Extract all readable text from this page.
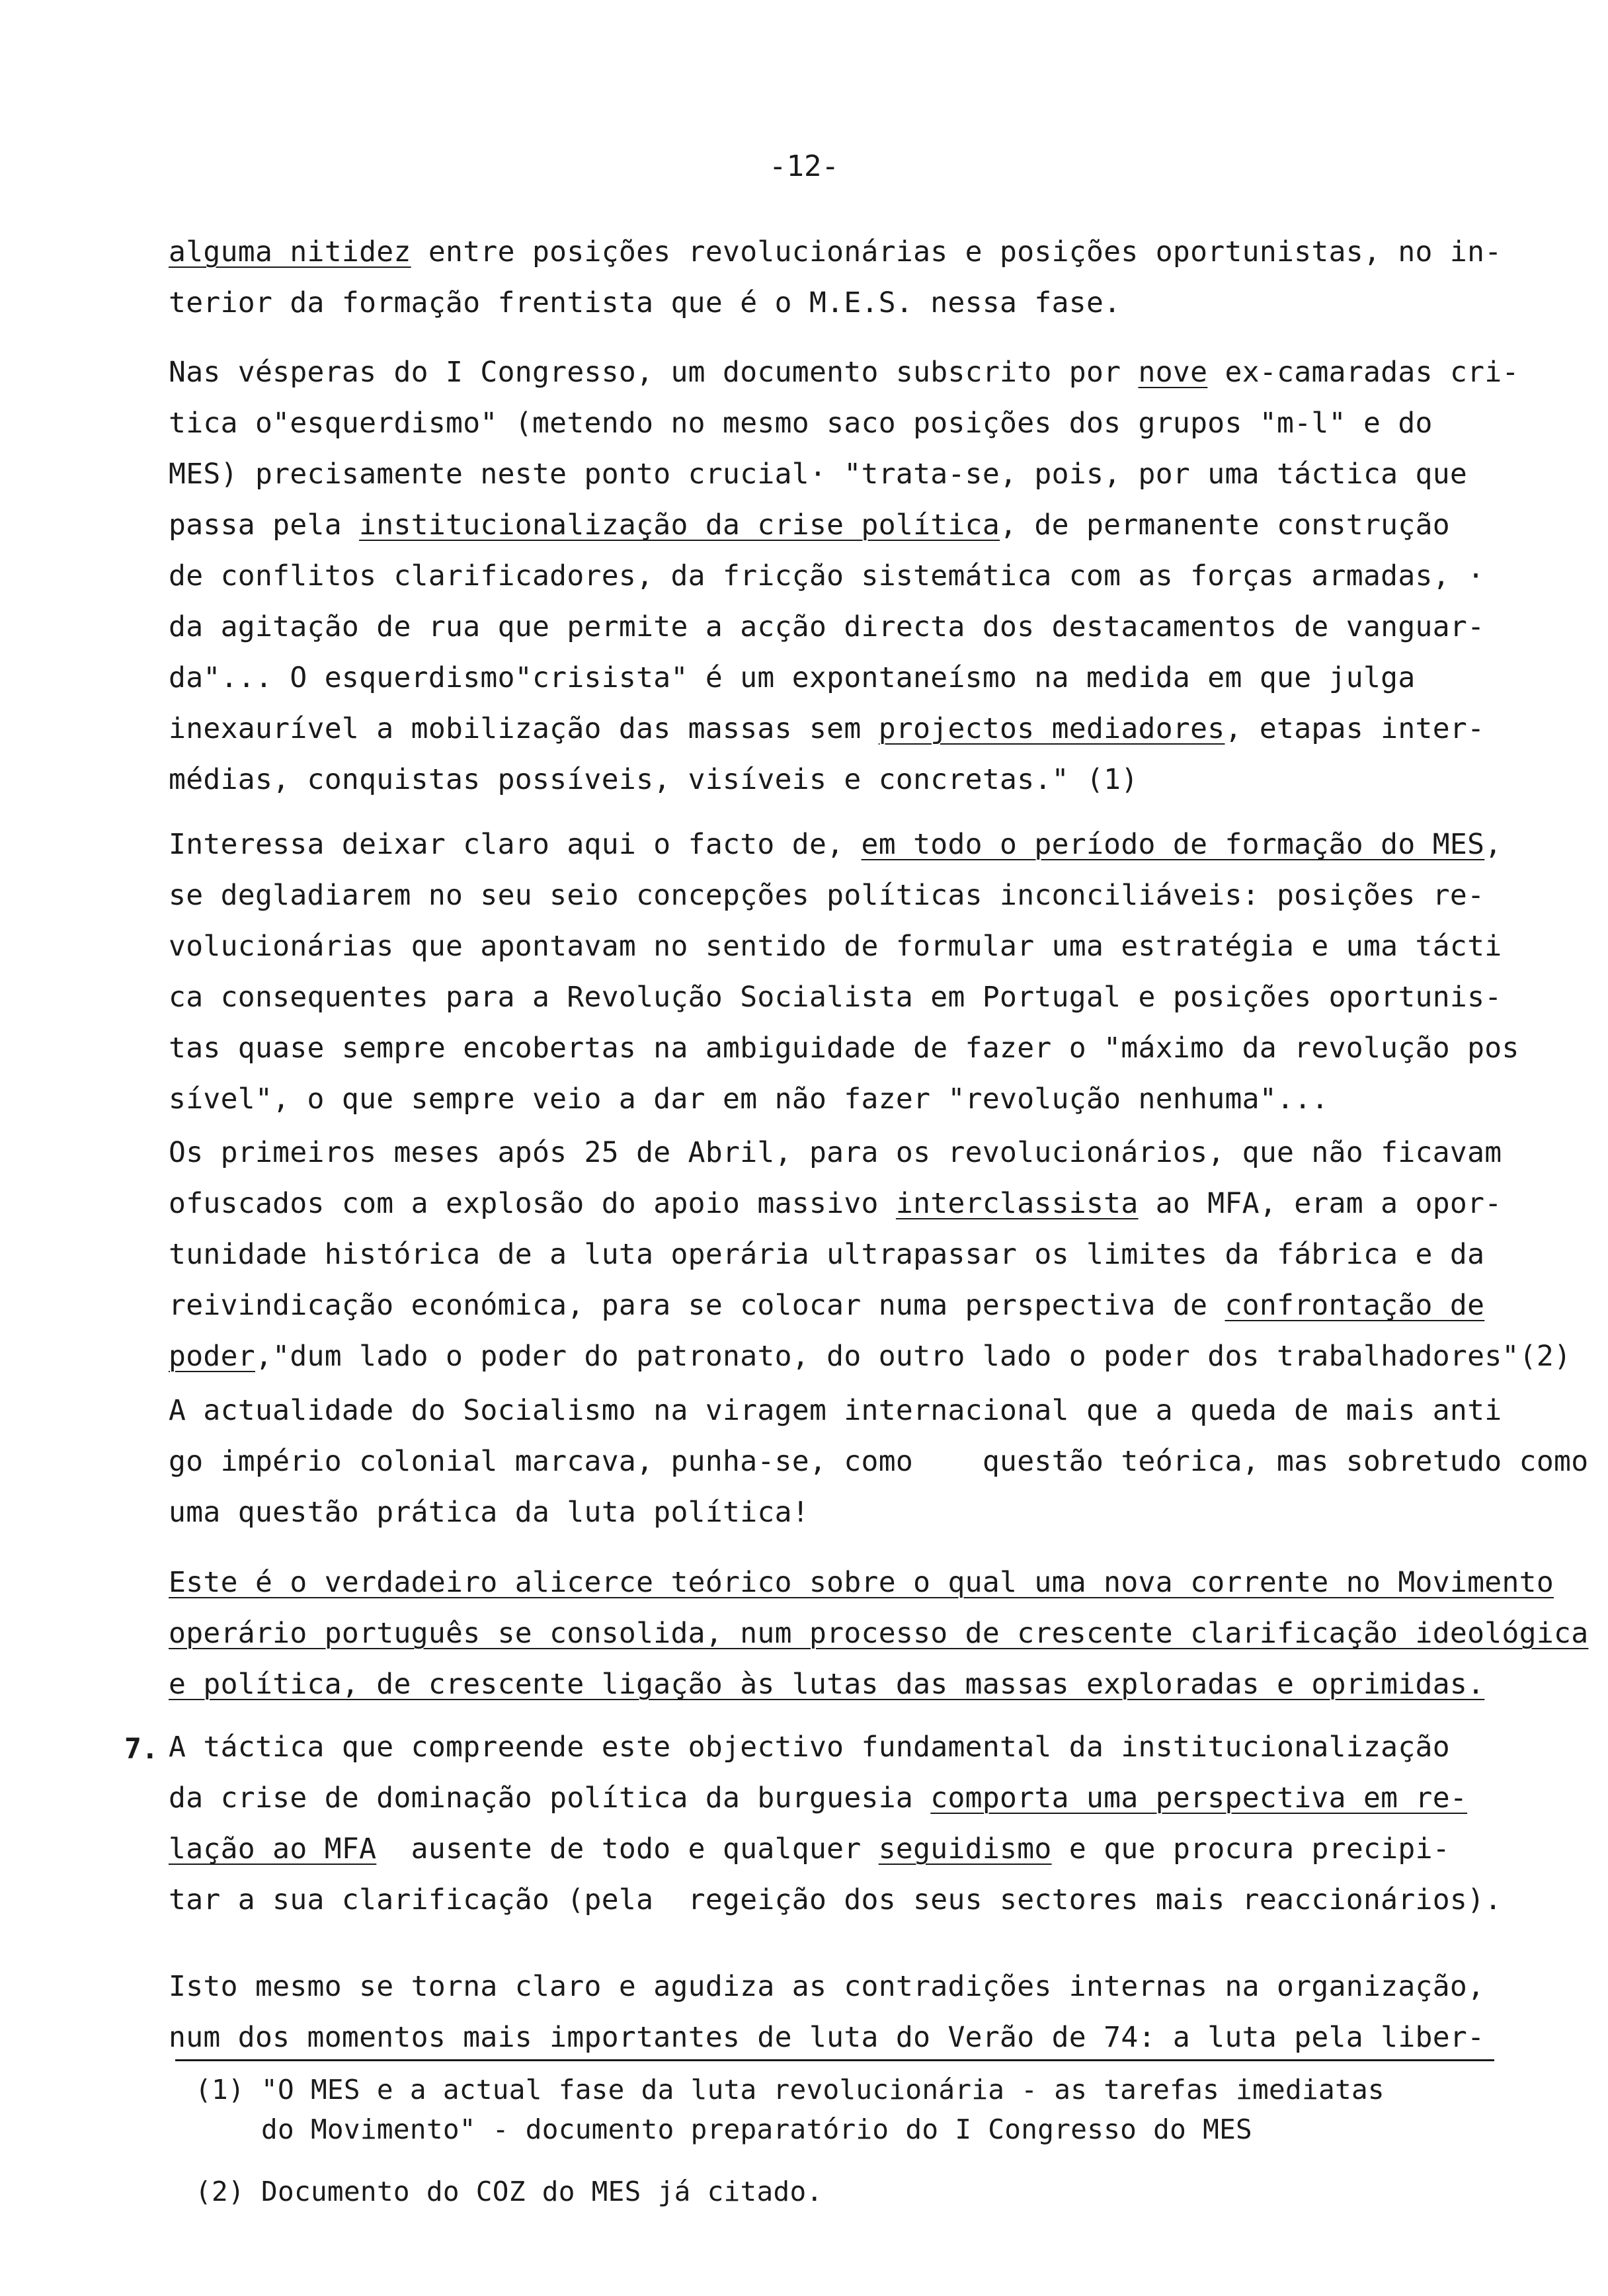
-12-
alguma nitidez entre posições revolucionárias e posições oportunistas, no in-
terior da formação frentista que é o M.E.S. nessa fase.
Nas vésperas do I Congresso, um documento subscrito por nove ex-camaradas cri-
tica o"esquerdismo" (metendo no mesmo saco posições dos grupos "m-l" e do
MES) precisamente neste ponto crucial· "trata-se, pois, por uma táctica que
passa pela institucionalização da crise política, de permanente construção
de conflitos clarificadores, da fricção sistemática com as forças armadas, ·
da agitação de rua que permite a acção directa dos destacamentos de vanguar-
da"... O esquerdismo"crisista" é um expontaneísmo na medida em que julga
inexaurível a mobilização das massas sem projectos mediadores, etapas inter-
médias, conquistas possíveis, visíveis e concretas." (1)
Interessa deixar claro aqui o facto de, em todo o período de formação do MES,
se degladiarem no seu seio concepções políticas inconciliáveis: posições re-
volucionárias que apontavam no sentido de formular uma estratégia e uma tácti
ca consequentes para a Revolução Socialista em Portugal e posições oportunis-
tas quase sempre encobertas na ambiguidade de fazer o "máximo da revolução pos
sível", o que sempre veio a dar em não fazer "revolução nenhuma"...
Os primeiros meses após 25 de Abril, para os revolucionários, que não ficavam
ofuscados com a explosão do apoio massivo interclassista ao MFA, eram a opor-
tunidade histórica de a luta operária ultrapassar os limites da fábrica e da
reivindicação económica, para se colocar numa perspectiva de confrontação de
poder,"dum lado o poder do patronato, do outro lado o poder dos trabalhadores"(2)
A actualidade do Socialismo na viragem internacional que a queda de mais anti
go império colonial marcava, punha-se, como    questão teórica, mas sobretudo como
uma questão prática da luta política!
Este é o verdadeiro alicerce teórico sobre o qual uma nova corrente no Movimento
operário português se consolida, num processo de crescente clarificação ideológica
e política, de crescente ligação às lutas das massas exploradas e oprimidas.
7. A táctica que compreende este objectivo fundamental da institucionalização
da crise de dominação política da burguesia comporta uma perspectiva em re-
lação ao MFA  ausente de todo e qualquer seguidismo e que procura precipi-
tar a sua clarificação (pela  regeição dos seus sectores mais reaccionários).
Isto mesmo se torna claro e agudiza as contradições internas na organização,
num dos momentos mais importantes de luta do Verão de 74: a luta pela liber-
(1) "O MES e a actual fase da luta revolucionária - as tarefas imediatas
do Movimento" - documento preparatório do I Congresso do MES
(2) Documento do COZ do MES já citado.
